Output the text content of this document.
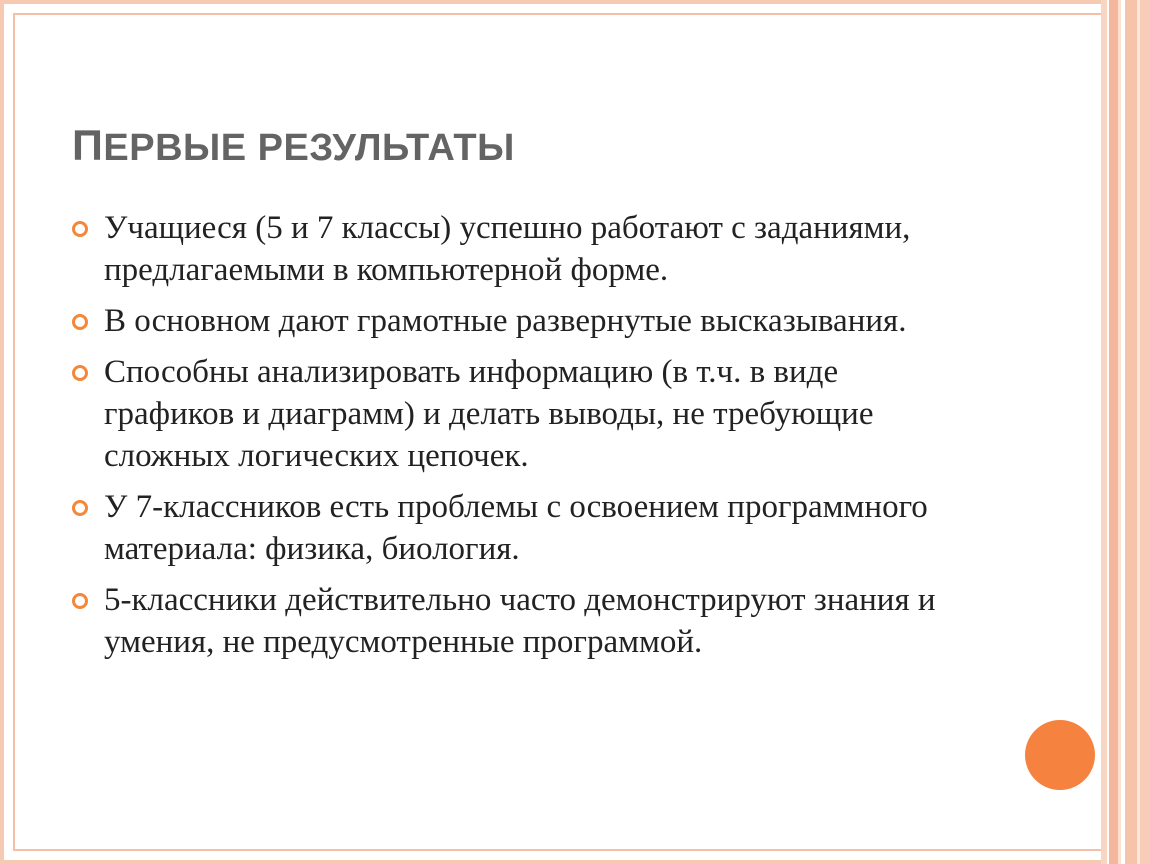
ПЕРВЫЕ РЕЗУЛЬТАТЫ
Учащиеся (5 и 7 классы) успешно работают с заданиями, предлагаемыми в компьютерной форме.
В основном дают грамотные развернутые высказывания.
Способны анализировать информацию (в т.ч. в виде графиков и диаграмм) и делать выводы, не требующие сложных логических цепочек.
У 7-классников есть проблемы с освоением программного материала: физика, биология.
5-классники действительно часто демонстрируют знания и умения, не предусмотренные программой.
